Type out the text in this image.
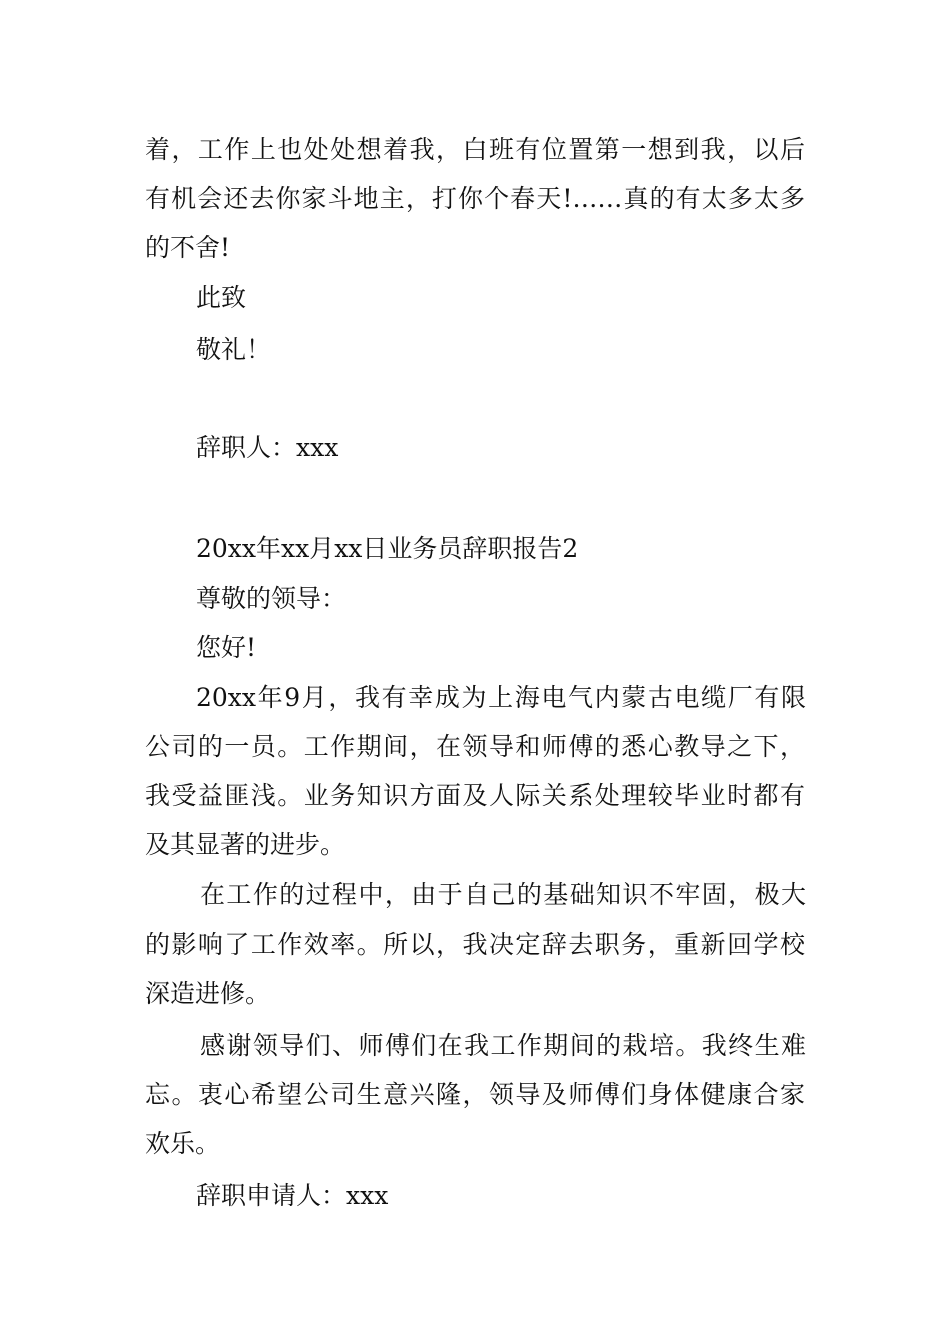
着，工作上也处处想着我，白班有位置第一想到我，以后
有机会还去你家斗地主，打你个春天!……真的有太多太多
的不舍!
此致
敬礼！
辞职人：xxx
20xx年xx月xx日业务员辞职报告2
尊敬的领导：
您好!
20xx年9月，我有幸成为上海电气内蒙古电缆厂有限
公司的一员。工作期间，在领导和师傅的悉心教导之下，
我受益匪浅。业务知识方面及人际关系处理较毕业时都有
及其显著的进步。
在工作的过程中，由于自己的基础知识不牢固，极大
的影响了工作效率。所以，我决定辞去职务，重新回学校
深造进修。
感谢领导们、师傅们在我工作期间的栽培。我终生难
忘。衷心希望公司生意兴隆，领导及师傅们身体健康合家
欢乐。
辞职申请人：xxx
